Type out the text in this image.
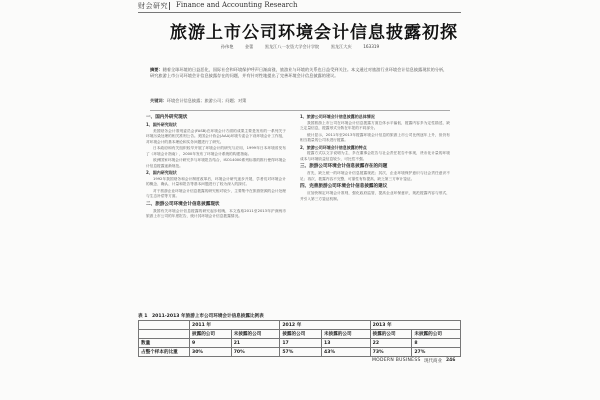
财会研究 Finance and Accounting Research
旅游上市公司环境会计信息披露初探
孙伟艳　 金蕾　 黑龙江八一农垦大学会计学院　 黑龙江大庆　 163319
摘要：随着全球环境的日益恶化，国际社会和环境保护呼声日渐高涨，旅游业与环境的关系也日益受到关注。本文通过对旅游行业环境会计信息披露现状的分析，研究旅游上市公司环境会计信息披露存在的问题，并有针对性地提出了完善环境会计信息披露的建议。
关键词：环境会计信息披露；旅游公司；问题；对策
一、国内外研究现状
1、国外研究现状

美国财务会计准则委员会(FASB)在环境会计方面的成果主要是发布的一系列关于环境污染处理的相关准则公告。美国会计协会(AAA)环境专委会下设环境会计工作组，对环境会计的基本理论和实务问题进行了研究。

日本政府和有关组织较早开展了环境会计的研究与应用，1999年日本环境省发布了《环境会计指南》，2000年发布了环境会计系统的构建指南。

欧洲国家环境会计研究多与环境报告结合，ISO14000系列标准的推行使得环境会计信息披露逐渐规范。

2、国内研究现状

1992年我国财务和会计制度改革后，环境会计研究逐步开展，学者们对环境会计的概念、确认、计量和报告等基本问题进行了较为深入的探讨。

对于旅游企业环境会计信息披露的研究相对较少，主要集中在旅游资源的会计处理与生态补偿等方面。

二、旅游公司环境会计信息披露现状

我国有关环境会计信息披露的研究起步较晚，本文选取2011至2013年沪深两市旅游上市公司的年度报告，统计其环境会计信息披露情况。

1、旅游公司环境会计信息披露的总体情况

我国旅游上市公司在环境会计信息披露方面总体水平偏低，披露内容多为定性描述，缺乏定量信息，披露形式分散在年报的不同部分。

统计显示，2011年至2013年披露环境会计信息的旅游上市公司比例逐年上升，但仍有相当数量的公司未进行披露。

2、旅游公司环境会计信息披露的特点

披露方式以文字说明为主，多在董事会报告与社会责任报告中体现，货币化计量的环境成本与环境收益信息较少，可比性不强。

三、旅游公司环境会计信息披露存在的问题

首先，缺乏统一的环境会计信息披露规范；其次，企业环境保护意识与社会责任意识不足；再次，披露内容不完整，可靠性有待提高，缺乏第三方审计鉴证。

四、完善旅游公司环境会计信息披露的建议

应加快制定环境会计准则，强化政府监管，提高企业环保意识，规范披露内容与形式，并引入第三方鉴证机制。

表 1　2011-2013 年旅游上市公司环境会计信息披露比例表
	2011 年		2012 年		2013 年	
	披露的公司	未披露的公司	披露的公司	未披露的公司	披露的公司	未披露的公司
数量	9	21	17	13	22	8
占整个样本的比重	30%	70%	57%	43%	73%	27%
MODERN BUSINESS 现代商业 246
